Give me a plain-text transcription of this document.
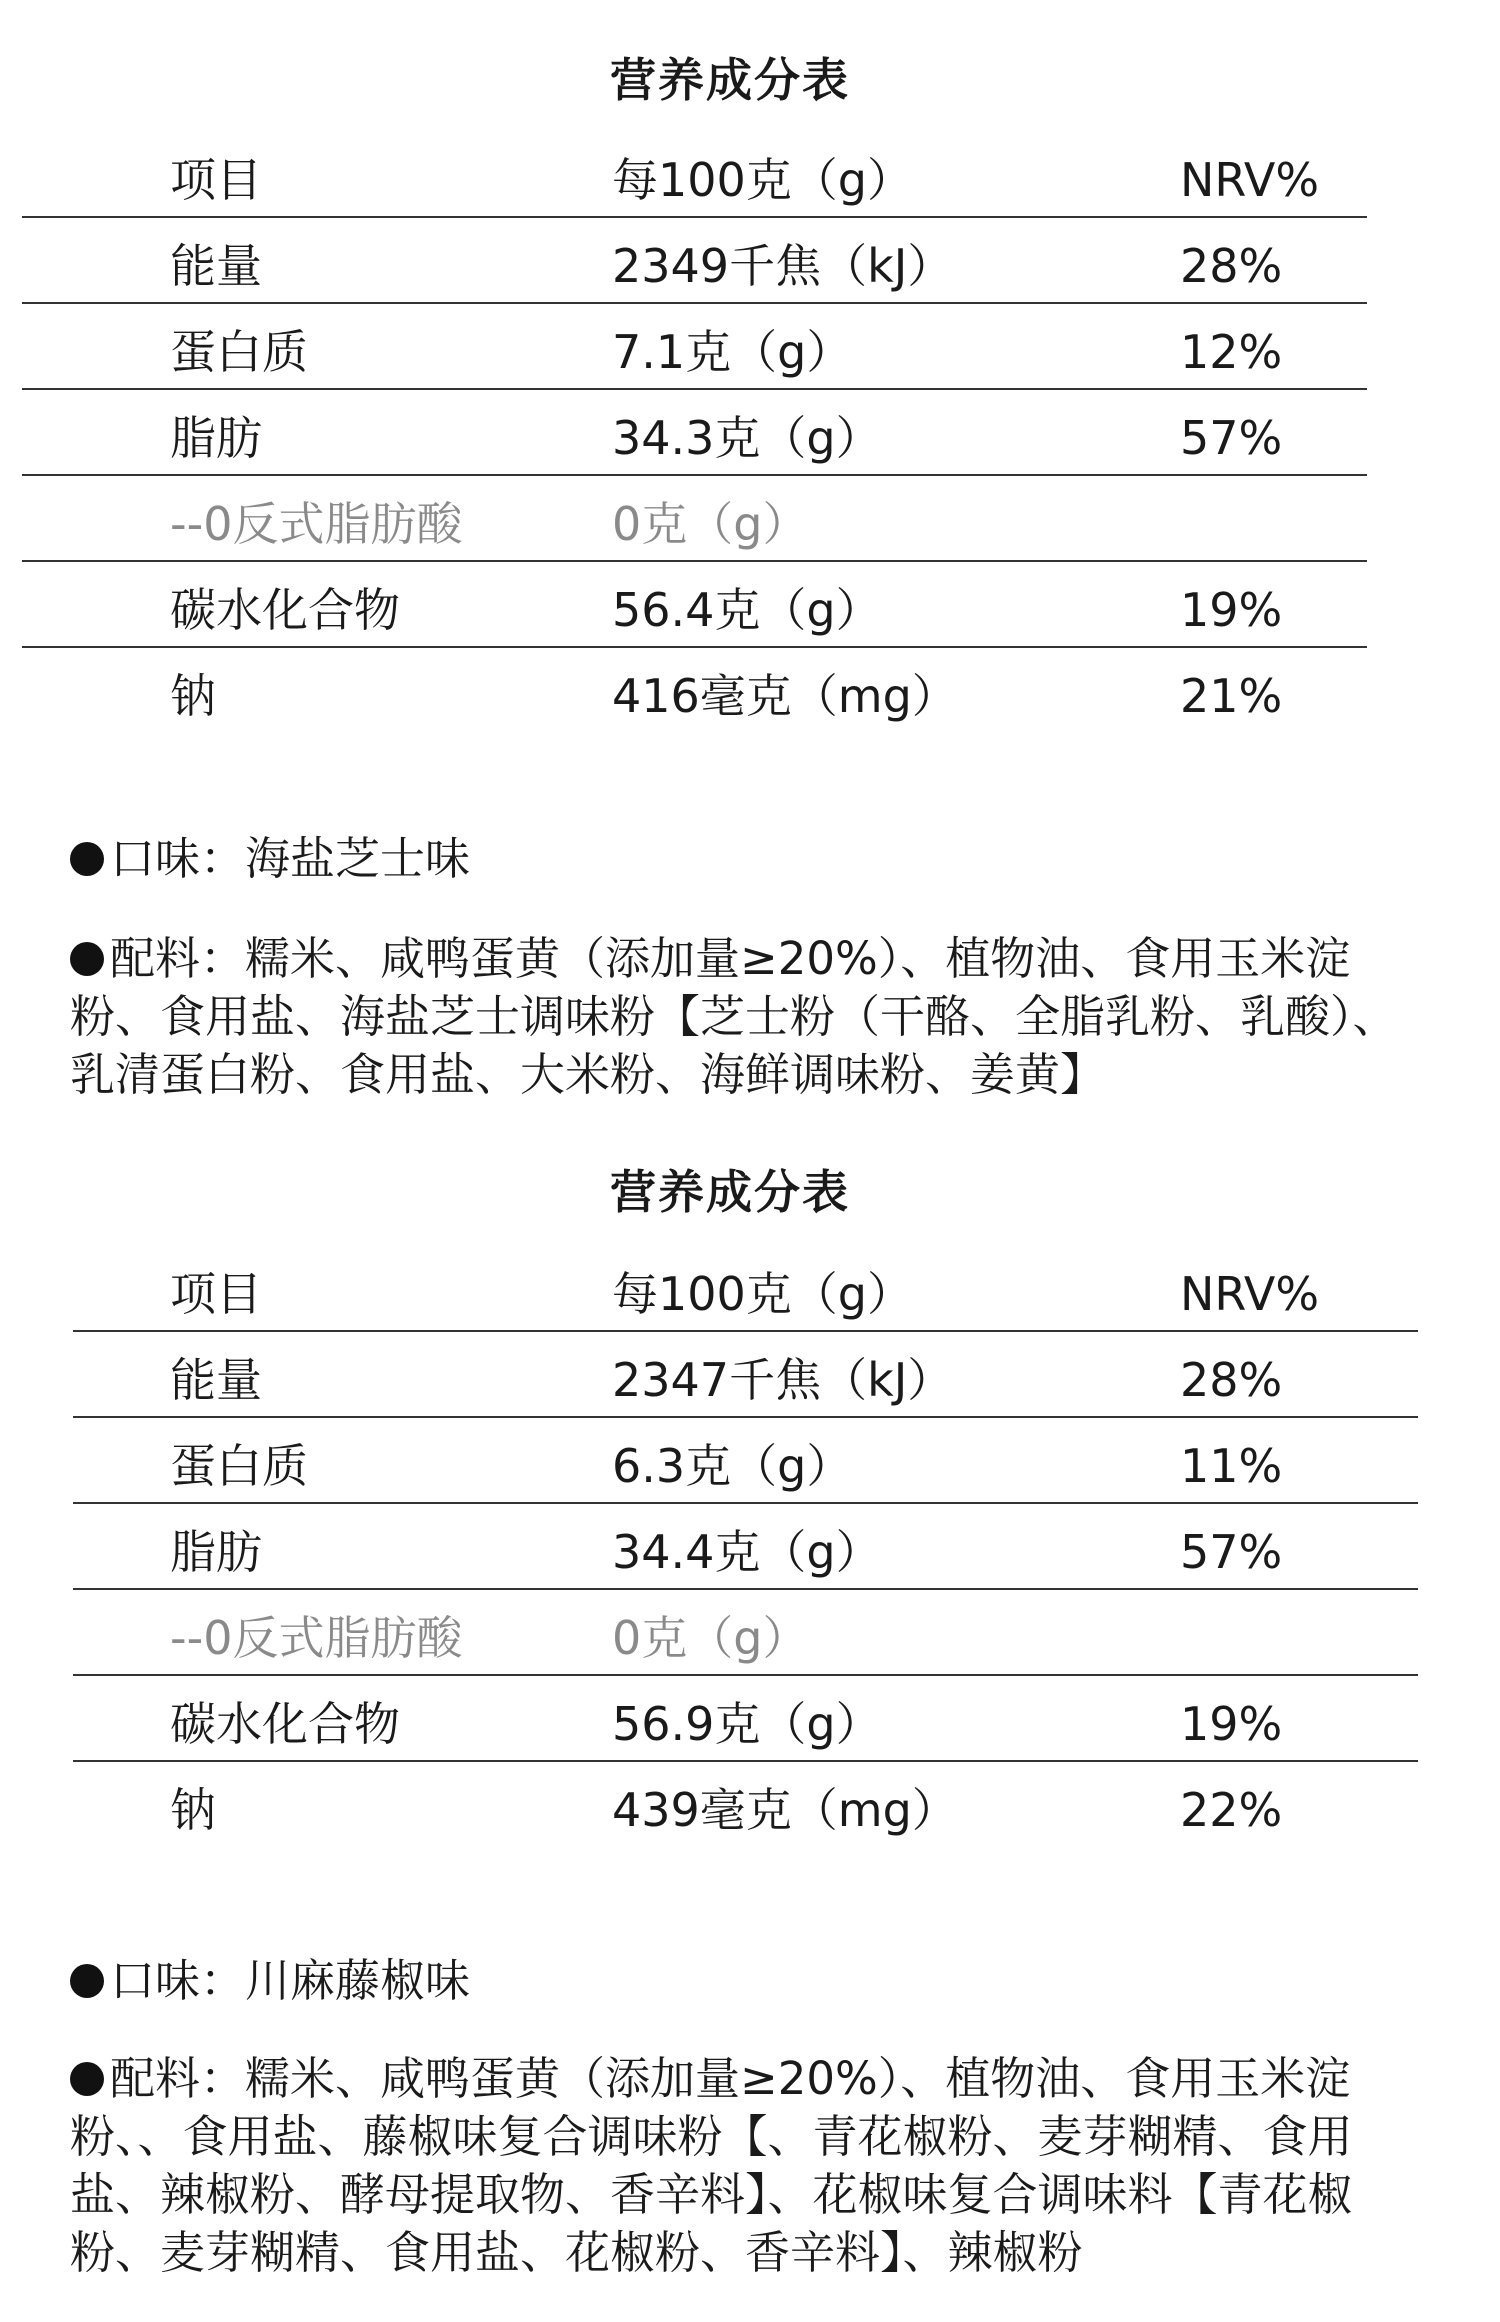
营养成分表
项目	每100克（g）	NRV%
能量	2349千焦（kJ）	28%
蛋白质	7.1克（g）	12%
脂肪	34.3克（g）	57%
--0反式脂肪酸	0克（g）
碳水化合物	56.4克（g）	19%
钠	416毫克（mg）	21%

口味：海盐芝士味

配料：糯米、咸鸭蛋黄（添加量≥20%）、植物油、食用玉米淀粉、食用盐、海盐芝士调味粉【芝士粉（干酪、全脂乳粉、乳酸）、乳清蛋白粉、食用盐、大米粉、海鲜调味粉、姜黄】

营养成分表
项目	每100克（g）	NRV%
能量	2347千焦（kJ）	28%
蛋白质	6.3克（g）	11%
脂肪	34.4克（g）	57%
--0反式脂肪酸	0克（g）
碳水化合物	56.9克（g）	19%
钠	439毫克（mg）	22%

口味：川麻藤椒味

配料：糯米、咸鸭蛋黄（添加量≥20%）、植物油、食用玉米淀粉、、食用盐、藤椒味复合调味粉【、青花椒粉、麦芽糊精、食用盐、辣椒粉、酵母提取物、香辛料】、花椒味复合调味料【青花椒粉、麦芽糊精、食用盐、花椒粉、香辛料】、辣椒粉
